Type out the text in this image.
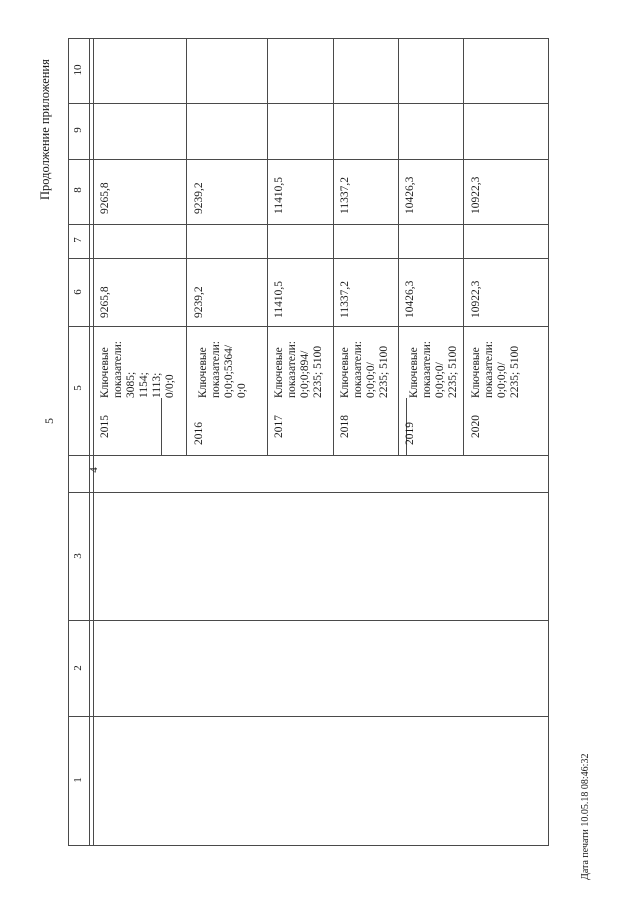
5
Продолжение приложения
Дата печати 10.05.18 08:46:32
10
9
8
7
6
5
4
3
2
1
2015
Ключевые показатели: 3085; 1154; 1113; 0/0;0
9265,8
9265,8
2016
Ключевые показатели: 0;0;0;5364/ 0;0
9239,2
9239,2
2017
Ключевые показатели: 0;0;0;894/ 2235; 5100
11410,5
11410,5
2018
Ключевые показатели: 0;0;0;0/ 2235; 5100
11337,2
11337,2
2019
Ключевые показатели: 0;0;0;0/ 2235; 5100
10426,3
10426,3
2020
Ключевые показатели: 0;0;0;0/ 2235; 5100
10922,3
10922,3
